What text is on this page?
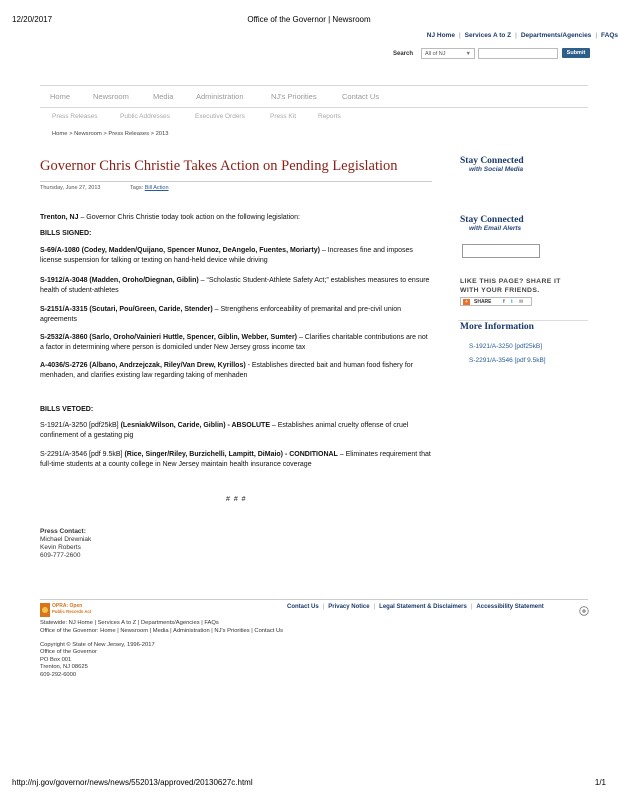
12/20/2017	Office of the Governor | Newsroom
NJ Home | Services A to Z | Departments/Agencies | FAQs
Search	All of NJ	▼	Submit
Home	Newsroom	Media	Administration	NJ's Priorities	Contact Us
Press Releases	Public Addresses	Executive Orders	Press Kit	Reports
Home > Newsroom > Press Releases > 2013
Governor Chris Christie Takes Action on Pending Legislation
Thursday, June 27, 2013	Tags: Bill Action
Trenton, NJ – Governor Chris Christie today took action on the following legislation:
BILLS SIGNED:
S-69/A-1080 (Codey, Madden/Quijano, Spencer Munoz, DeAngelo, Fuentes, Moriarty) – Increases fine and imposes license suspension for talking or texting on hand-held device while driving
S-1912/A-3048 (Madden, Oroho/Diegnan, Giblin) – “Scholastic Student-Athlete Safety Act;” establishes measures to ensure health of student-athletes
S-2151/A-3315 (Scutari, Pou/Green, Caride, Stender) – Strengthens enforceability of premarital and pre-civil union agreements
S-2532/A-3860 (Sarlo, Oroho/Vainieri Huttle, Spencer, Giblin, Webber, Sumter) – Clarifies charitable contributions are not a factor in determining where person is domiciled under New Jersey gross income tax
A-4036/S-2726 (Albano, Andrzejczak, Riley/Van Drew, Kyrillos) - Establishes directed bait and human food fishery for menhaden, and clarifies existing law regarding taking of menhaden
BILLS VETOED:
S-1921/A-3250 [pdf25kB] (Lesniak/Wilson, Caride, Giblin) - ABSOLUTE – Establishes animal cruelty offense of cruel confinement of a gestating pig
S-2291/A-3546 [pdf 9.5kB] (Rice, Singer/Riley, Burzichelli, Lampitt, DiMaio) - CONDITIONAL – Eliminates requirement that full-time students at a county college in New Jersey maintain health insurance coverage
# # #
Press Contact:
Michael Drewniak
Kevin Roberts
609-777-2600
Stay Connected
with Social Media
Stay Connected
with Email Alerts
LIKE THIS PAGE? SHARE IT WITH YOUR FRIENDS.
+	SHARE f t ✉
More Information
S-1921/A-3250 [pdf25kB]
S-2291/A-3546 [pdf 9.5kB]
OPRA: Open
Public Records Act
Contact Us | Privacy Notice | Legal Statement & Disclaimers | Accessibility Statement
Statewide: NJ Home | Services A to Z | Departments/Agencies | FAQs
Office of the Governor: Home | Newsroom | Media | Administration | NJ's Priorities | Contact Us
Copyright © State of New Jersey, 1996-2017
Office of the Governor
PO Box 001
Trenton, NJ 08625
609-292-6000
http://nj.gov/governor/news/news/552013/approved/20130627c.html	1/1
